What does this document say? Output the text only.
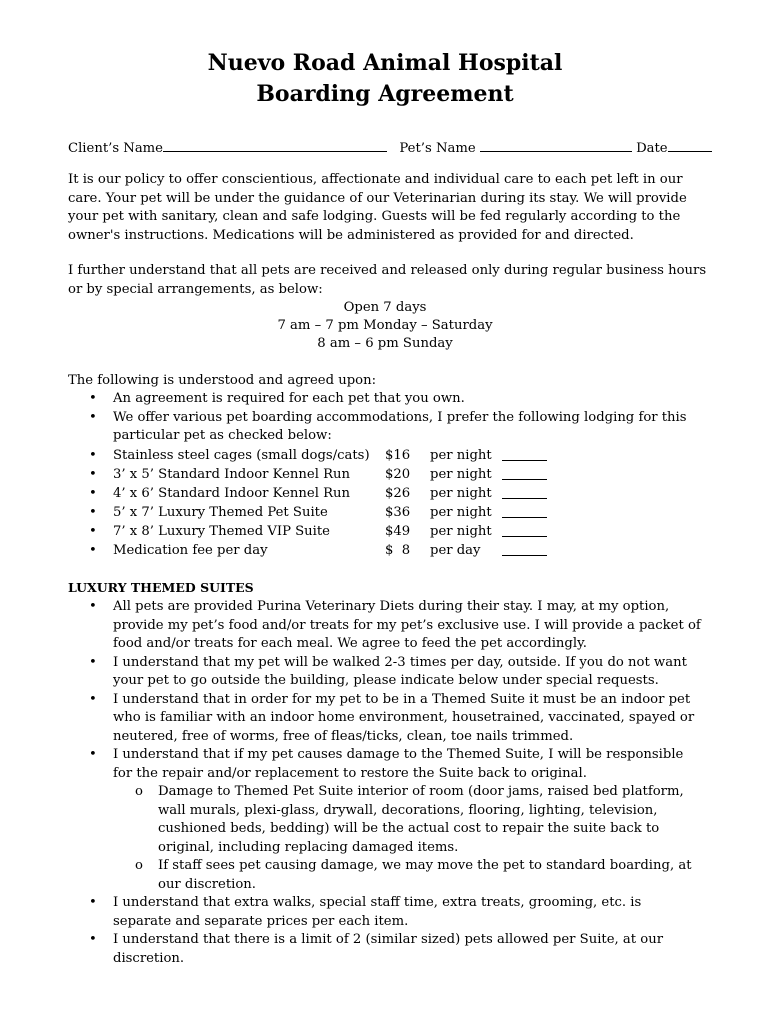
Nuevo Road Animal Hospital
Boarding Agreement
Client’s Name	Pet’s Name	Date
It is our policy to offer conscientious, affectionate and individual care to each pet left in our care. Your pet will be under the guidance of our Veterinarian during its stay. We will provide your pet with sanitary, clean and safe lodging. Guests will be fed regularly according to the owner's instructions. Medications will be administered as provided for and directed.
I further understand that all pets are received and released only during regular business hours or by special arrangements, as below:
Open 7 days
7 am – 7 pm Monday – Saturday
8 am – 6 pm Sunday
The following is understood and agreed upon:
• An agreement is required for each pet that you own.
• We offer various pet boarding accommodations, I prefer the following lodging for this particular pet as checked below:
• Stainless steel cages (small dogs/cats) $16 per night
• 3’ x 5’ Standard Indoor Kennel Run	$20 per night
• 4’ x 6’ Standard Indoor Kennel Run	$26 per night
• 5’ x 7’ Luxury Themed Pet Suite	$36 per night
• 7’ x 8’ Luxury Themed VIP Suite	$49 per night
• Medication fee per day	$  8 per day
LUXURY THEMED SUITES
• All pets are provided Purina Veterinary Diets during their stay. I may, at my option, provide my pet’s food and/or treats for my pet’s exclusive use. I will provide a packet of food and/or treats for each meal. We agree to feed the pet accordingly.
• I understand that my pet will be walked 2-3 times per day, outside. If you do not want your pet to go outside the building, please indicate below under special requests.
• I understand that in order for my pet to be in a Themed Suite it must be an indoor pet who is familiar with an indoor home environment, housetrained, vaccinated, spayed or neutered, free of worms, free of fleas/ticks, clean, toe nails trimmed.
• I understand that if my pet causes damage to the Themed Suite, I will be responsible for the repair and/or replacement to restore the Suite back to original.
o Damage to Themed Pet Suite interior of room (door jams, raised bed platform, wall murals, plexi-glass, drywall, decorations, flooring, lighting, television, cushioned beds, bedding) will be the actual cost to repair the suite back to original, including replacing damaged items.
o If staff sees pet causing damage, we may move the pet to standard boarding, at our discretion.
• I understand that extra walks, special staff time, extra treats, grooming, etc. is separate and separate prices per each item.
• I understand that there is a limit of 2 (similar sized) pets allowed per Suite, at our discretion.
